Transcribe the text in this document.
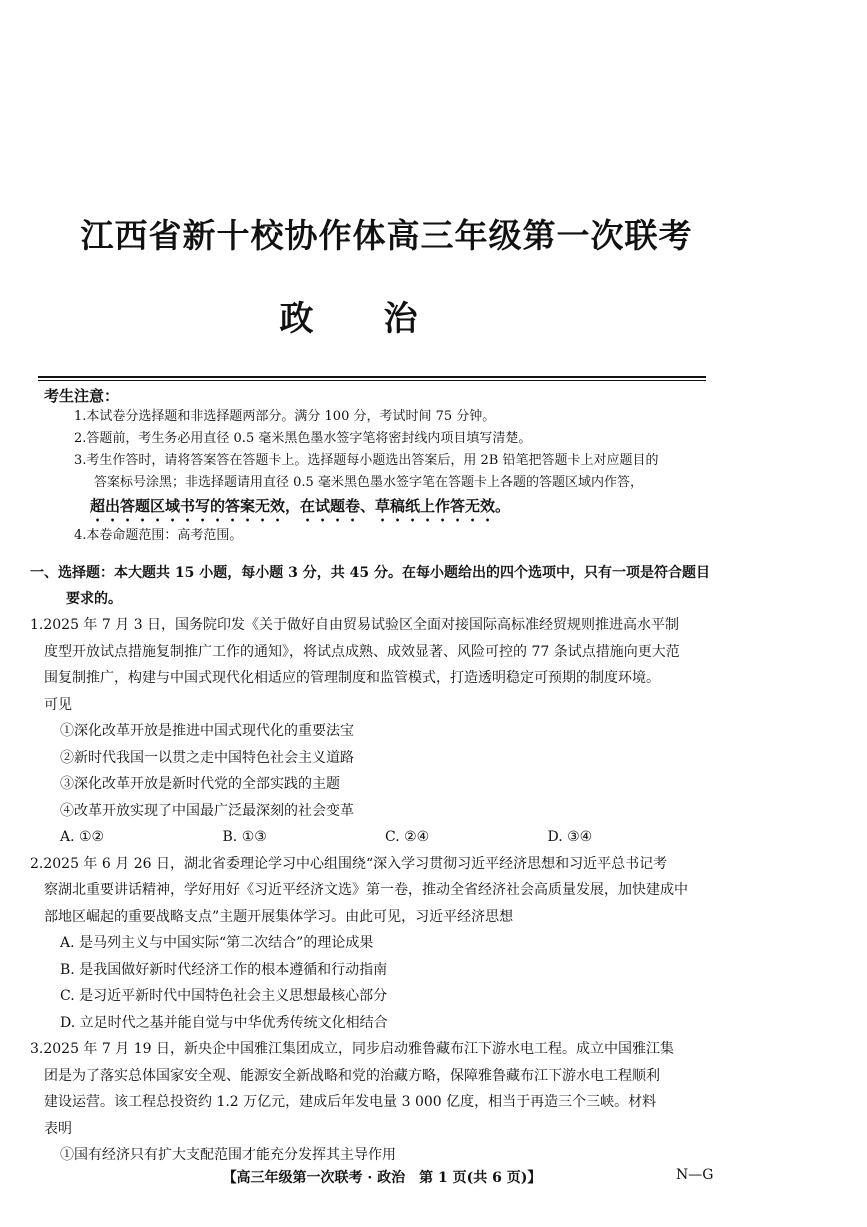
江西省新十校协作体高三年级第一次联考
政治
考生注意：
1.本试卷分选择题和非选择题两部分。满分 100 分，考试时间 75 分钟。
2.答题前，考生务必用直径 0.5 毫米黑色墨水签字笔将密封线内项目填写清楚。
3.考生作答时，请将答案答在答题卡上。选择题每小题选出答案后，用 2B 铅笔把答题卡上对应题目的
答案标号涂黑；非选择题请用直径 0.5 毫米黑色墨水签字笔在答题卡上各题的答题区域内作答，
超出答题区域书写的答案无效，在试题卷、草稿纸上作答无效。
4.本卷命题范围：高考范围。
一、选择题：本大题共 15 小题，每小题 3 分，共 45 分。在每小题给出的四个选项中，只有一项是符合题目
要求的。
1.2025 年 7 月 3 日，国务院印发《关于做好自由贸易试验区全面对接国际高标准经贸规则推进高水平制
度型开放试点措施复制推广工作的通知》，将试点成熟、成效显著、风险可控的 77 条试点措施向更大范
围复制推广，构建与中国式现代化相适应的管理制度和监管模式，打造透明稳定可预期的制度环境。
可见
①深化改革开放是推进中国式现代化的重要法宝
②新时代我国一以贯之走中国特色社会主义道路
③深化改革开放是新时代党的全部实践的主题
④改革开放实现了中国最广泛最深刻的社会变革
A. ①②	B. ①③	C. ②④	D. ③④
2.2025 年 6 月 26 日，湖北省委理论学习中心组围绕“深入学习贯彻习近平经济思想和习近平总书记考
察湖北重要讲话精神，学好用好《习近平经济文选》第一卷，推动全省经济社会高质量发展，加快建成中
部地区崛起的重要战略支点”主题开展集体学习。由此可见，习近平经济思想
A. 是马列主义与中国实际“第二次结合”的理论成果
B. 是我国做好新时代经济工作的根本遵循和行动指南
C. 是习近平新时代中国特色社会主义思想最核心部分
D. 立足时代之基并能自觉与中华优秀传统文化相结合
3.2025 年 7 月 19 日，新央企中国雅江集团成立，同步启动雅鲁藏布江下游水电工程。成立中国雅江集
团是为了落实总体国家安全观、能源安全新战略和党的治藏方略，保障雅鲁藏布江下游水电工程顺利
建设运营。该工程总投资约 1.2 万亿元，建成后年发电量 3 000 亿度，相当于再造三个三峡。材料
表明
①国有经济只有扩大支配范围才能充分发挥其主导作用
【高三年级第一次联考 · 政治　第 1 页(共 6 页)】	N—G
